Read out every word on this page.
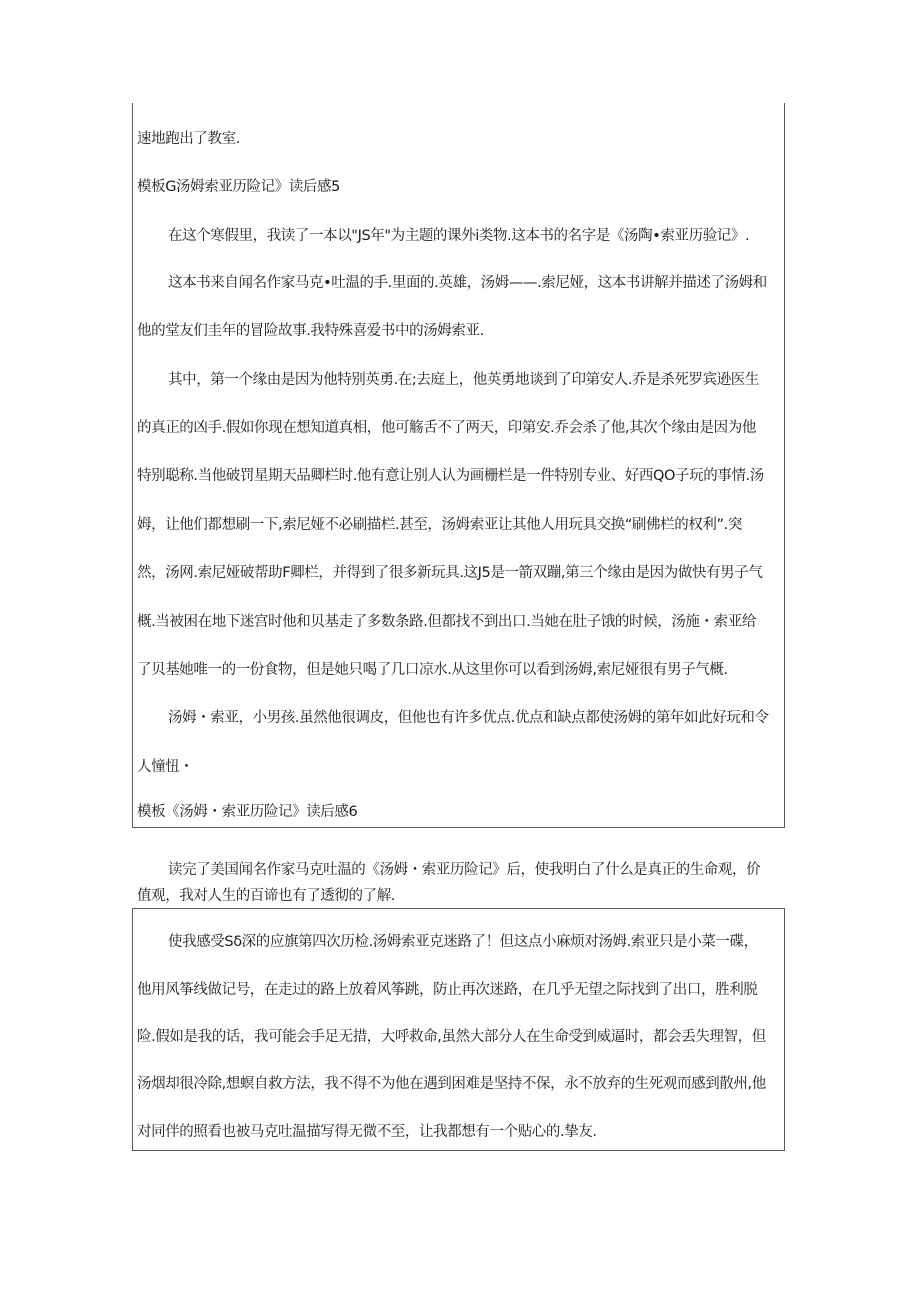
速地跑出了教室.
模板G汤姆索亚历险记》读后感5
在这个寒假里，我读了一本以"JS年"为主题的课外i类物.这本书的名字是《汤陶•索亚历验记》.
这本书来自闻名作家马克•吐温的手.里面的.英雄，汤姆——.索尼娅，这本书讲解并描述了汤姆和
他的堂友们圭年的冒险故事.我特殊喜爱书中的汤姆索亚.
其中，第一个缘由是因为他特别英勇.在;去庭上，他英勇地谈到了印第安人.乔是杀死罗宾逊医生
的真正的凶手.假如你现在想知道真相，他可觞舌不了两天，印第安.乔会杀了他,其次个缘由是因为他
特别聪称.当他破罚星期天品卿栏时.他有意让别人认为画栅栏是一件特别专业、好西QO子玩的事情.汤
姆，让他们都想刷一下,索尼娅不必刷描栏.甚至，汤姆索亚让其他人用玩具交换“刷佛栏的权利”.突
然，汤网.索尼娅破帮助F卿栏，并得到了很多新玩具.这J5是一箭双蹦,第三个缘由是因为做快有男子气
概.当被困在地下迷宫时他和贝基走了多数条路.但都找不到出口.当她在肚子饿的时候，汤施・索亚给
了贝基她唯一的一份食物，但是她只喝了几口凉水.从这里你可以看到汤姆,索尼娅很有男子气概.
汤姆・索亚，小男孩.虽然他很调皮，但他也有许多优点.优点和缺点都使汤姆的第年如此好玩和令
人憧忸・
模板《汤姆・索亚历险记》读后感6
读完了美国闻名作家马克吐温的《汤姆・索亚历险记》后，使我明白了什么是真正的生命观，价
值观，我对人生的百谛也有了透彻的了解.
使我感受Sδ深的应旗第四次历检.汤姆索亚克迷路了！但这点小麻烦对汤姆.索亚只是小菜一碟，
他用风筝线做记号，在走过的路上放着风筝跳，防止再次迷路，在几乎无望之际找到了出口，胜利脱
险.假如是我的话，我可能会手足无措，大呼救命,虽然大部分人在生命受到威逼时，都会丢失理智，但
汤烟却很冷除,想螟自救方法，我不得不为他在遇到困难是坚持不保，永不放弃的生死观而感到散州,他
对同伴的照看也被马克吐温描写得无微不至，让我都想有一个贴心的.挚友.
